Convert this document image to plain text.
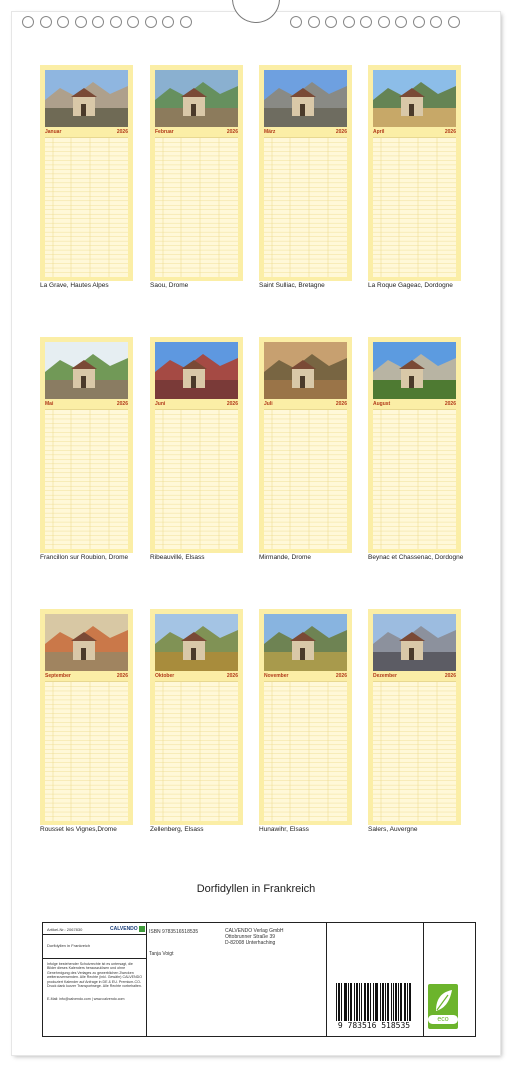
Januar	2026
La Grave, Hautes Alpes
Februar	2026
Saou, Drome
März	2026
Saint Sulliac, Bretagne
April	2026
La Roque Gageac, Dordogne
Mai	2026
Francillon sur Roubion, Drome
Juni	2026
Ribeauvillé, Elsass
Juli	2026
Mirmande, Drome
August	2026
Beynac et Chassenac, Dordogne
September	2026
Rousset les Vignes,Drome
Oktober	2026
Zellenberg, Elsass
November	2026
Hunawihr, Elsass
Dezember	2026
Salers, Auvergne
Dorfidyllen in Frankreich
Artikel-Nr.: 2067830	CALVENDO
Dorfidyllen in Frankreich
Infolge bestehender Schutzrechte ist es untersagt, die Bilder dieses Kalenders herauszulösen und ohne Genehmigung des Verlages zu gewerblichen Zwecken weiterzuverwenden. Alle Rechte (inkl. Gewähr) CALVENDO produziert Kalender auf Anfrage in DE & EU. Premium-CO-Druck dank kurzer Transportwege. Alle Rechte vorbehalten.
E-Mail: info@calvendo.com | www.calvendo.com
ISBN 9783516518535
Tanja Voigt
CALVENDO Verlag GmbH
Ottobrunner Straße 39
D-82008 Unterhaching
9 783516 518535
eco
